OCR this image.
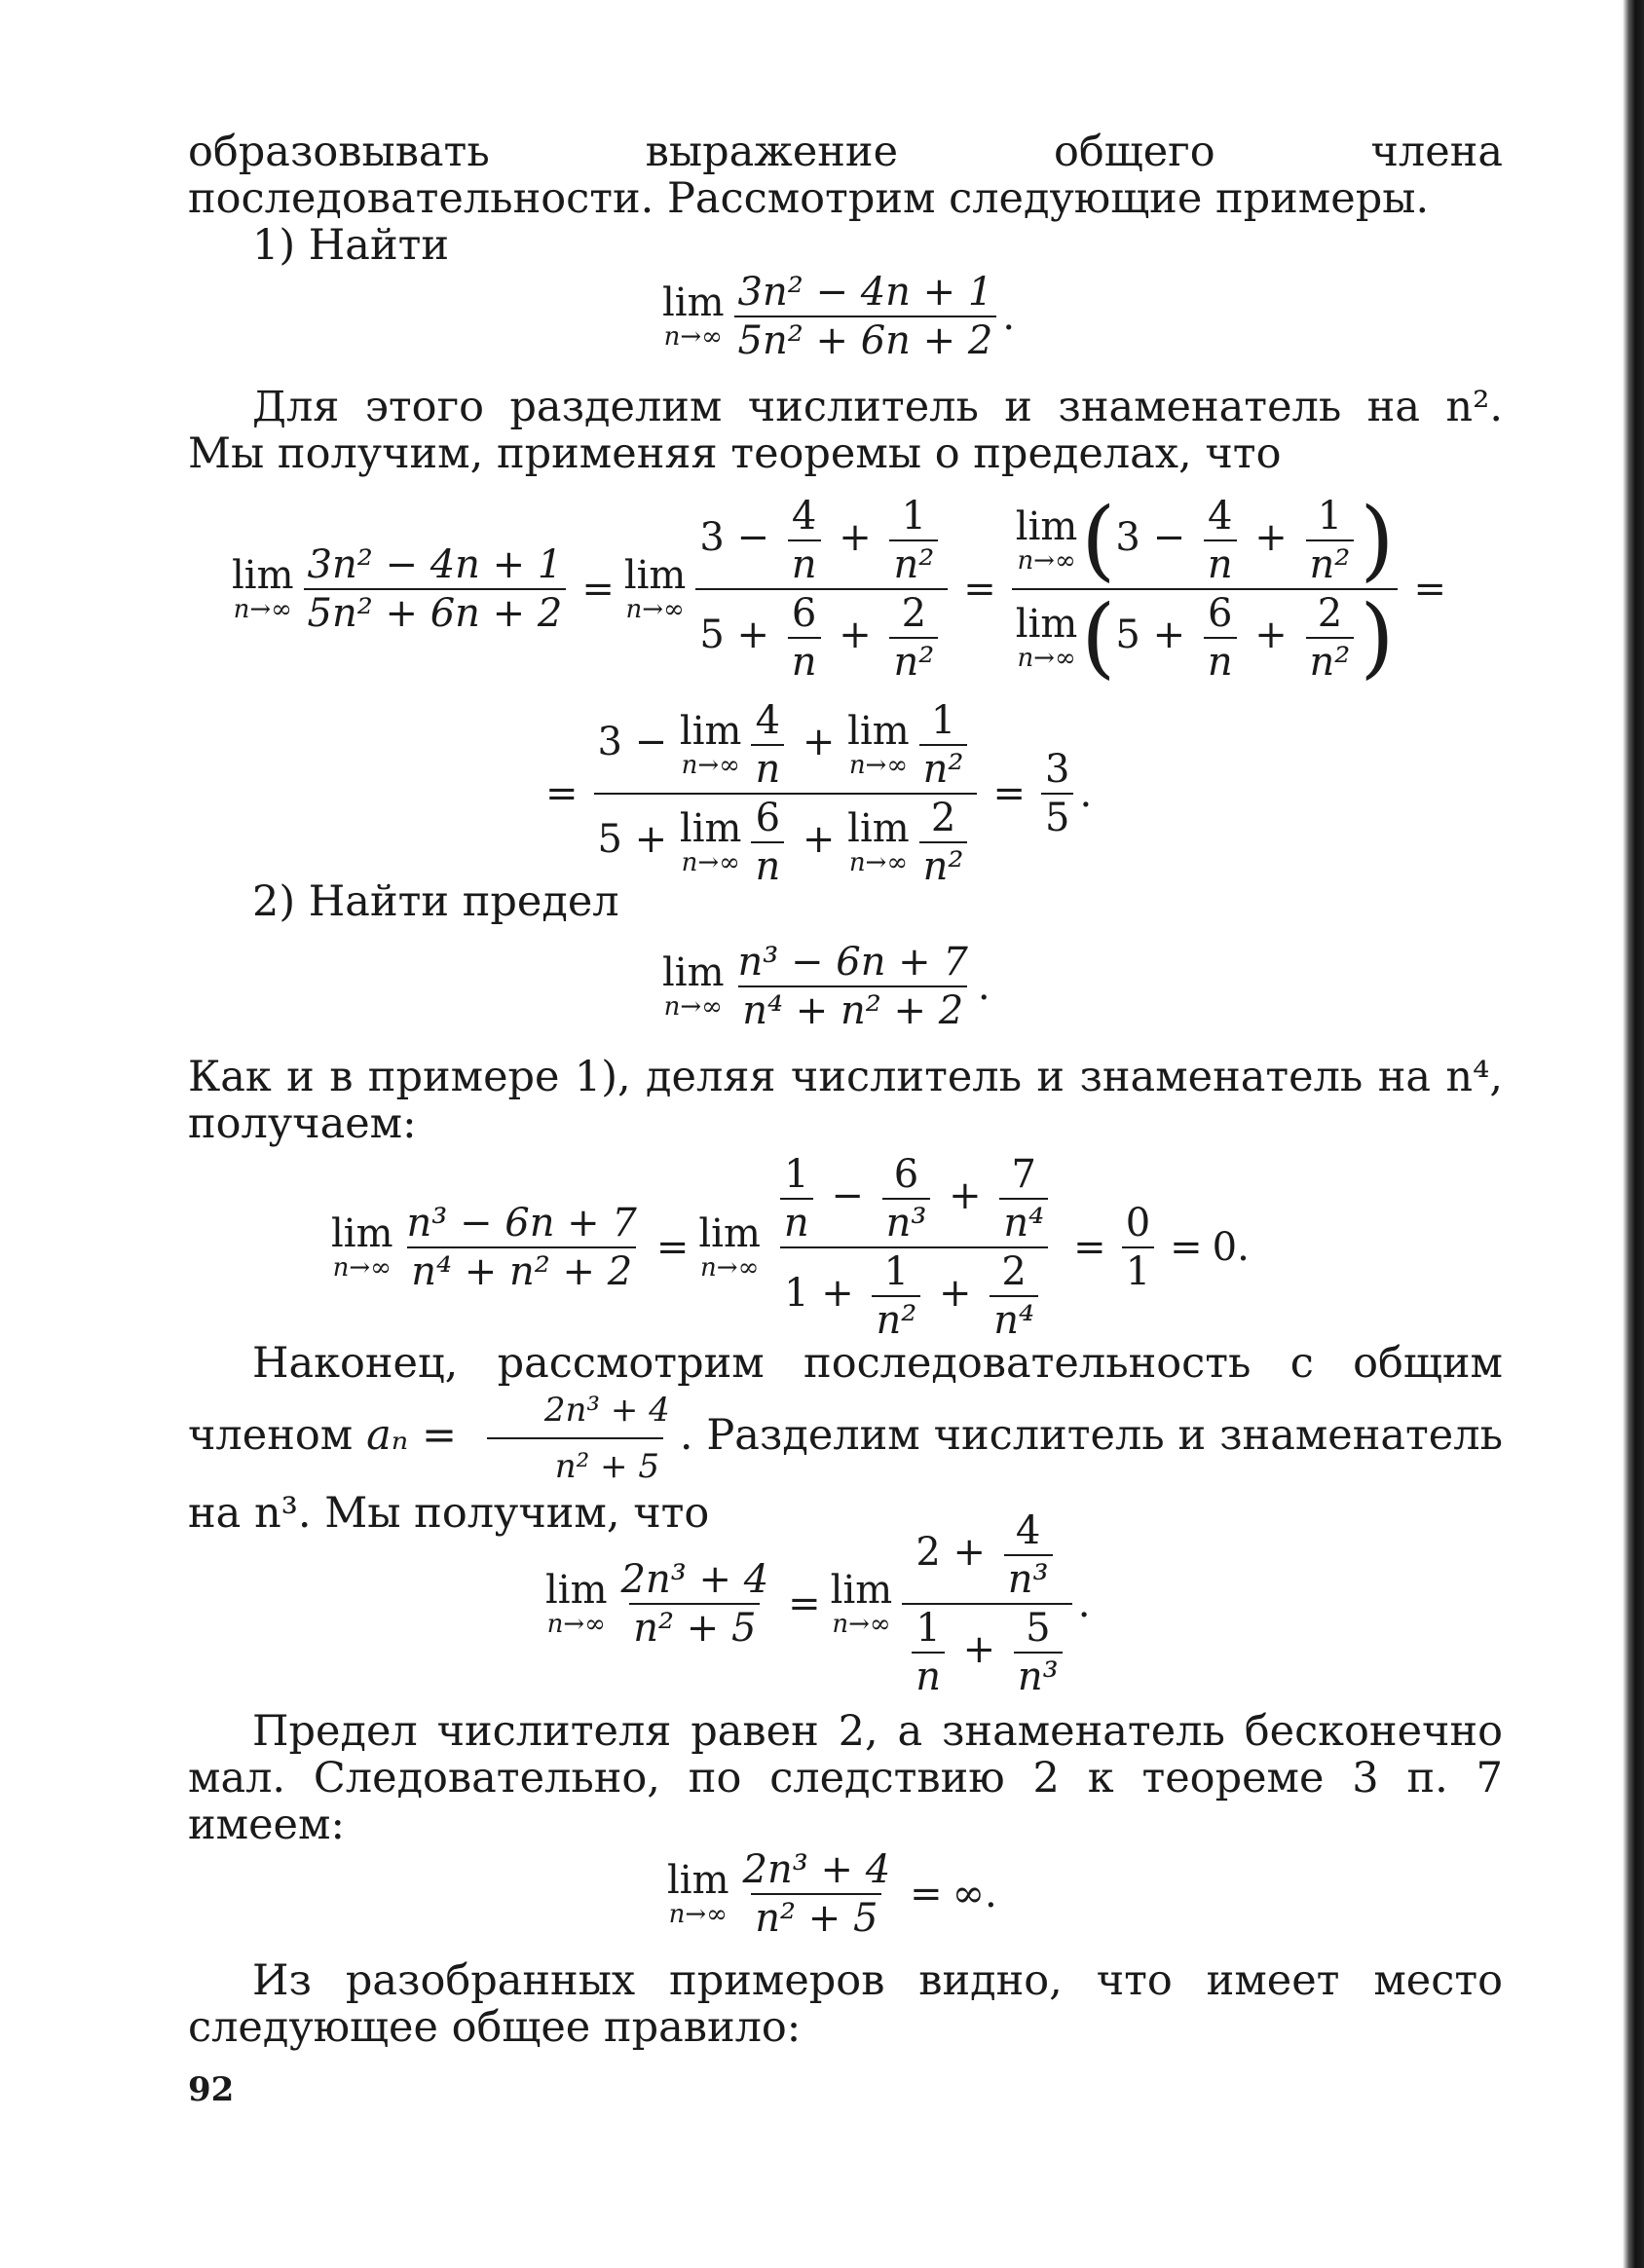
образовывать выражение общего члена последовательности. Рассмотрим следующие примеры.

1) Найти

lim
$n\to\infty \frac{\text{3n² − 4n + 1}}{\text{5n² + 6n + 2}}$ .

Для этого разделим числитель и знаменатель на n². Мы получим, применяя теоремы о пределах, что

lim
$n\to\infty \frac{\text{3n² − 4n + 1}}{\text{5n² + 6n + 2}} = \lim$
$n\to\infty \frac{3 - \frac{4}{n} + \frac{1}{\text{n²}}}{5 + \frac{6}{n} + \frac{2}{\text{n²}}} = \lim$
n→∞ ($3 - \frac{4}{n} + \frac{1}{\text{n²}}$ )
lim
n→∞ ($5 + \frac{6}{n} + \frac{2}{\text{n²}}$ ) =
= 3 − lim
$n\to\infty \frac{4}{n} + \lim$
$n\to\infty \frac{1}{\text{n²}}$
5 + lim
$n\to\infty \frac{6}{n} + \lim$
$n\to\infty \frac{2}{\text{n²}} = \frac{3}{5}$ .

2) Найти предел

lim
$n\to\infty \frac{\text{n³ − 6n + 7}}{\text{n⁴ + n² + 2}}$ .

Как и в примере 1), деляя числитель и знаменатель на n⁴, получаем:

lim
$n\to\infty \frac{\text{n³ − 6n + 7}}{\text{n⁴ + n² + 2}} = \lim$
$n\to\infty \frac{\frac{1}{n} - \frac{6}{\text{n³}} + \frac{7}{\text{n⁴}}}{1 + \frac{1}{\text{n²}} + \frac{2}{\text{n⁴}}} = \frac{0}{1} = 0$ .
Наконец, рассмотрим последовательность с общим членом $a_n = \frac{\text{2n³ + 4}}{\text{n² + 5}}$ . Разделим числитель и знаменатель на n³. Мы получим, что
lim
$n\to\infty \frac{\text{2n³ + 4}}{\text{n² + 5}} = \lim$
$n\to\infty \frac{2 + \frac{4}{\text{n³}}}{\frac{1}{n} + \frac{5}{\text{n³}}}$ .

Предел числителя равен 2, а знаменатель бесконечно мал. Следовательно, по следствию 2 к теореме 3 п. 7 имеем:

lim
$n\to\infty \frac{\text{2n³ + 4}}{\text{n² + 5}}$ = ∞ .

Из разобранных примеров видно, что имеет место следующее общее правило:

92
